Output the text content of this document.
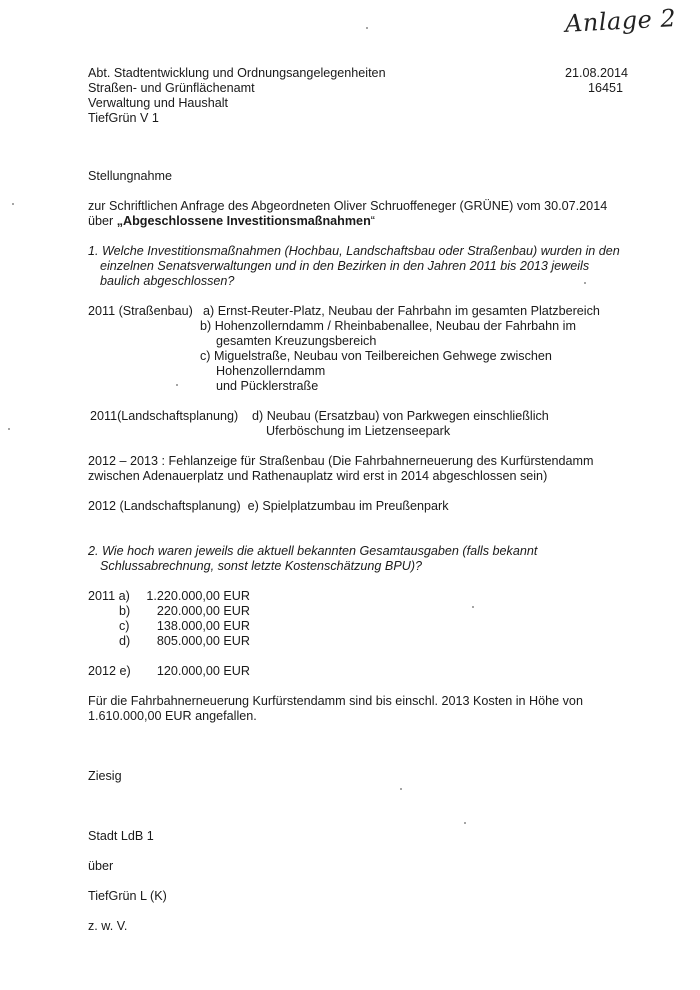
Anlage 2
Abt. Stadtentwicklung und Ordnungsangelegenheiten
Straßen- und Grünflächenamt
Verwaltung und Haushalt
TiefGrün V 1
21.08.2014
16451
Stellungnahme
zur Schriftlichen Anfrage des Abgeordneten Oliver Schruoffeneger (GRÜNE) vom 30.07.2014
über „Abgeschlossene Investitionsmaßnahmen“
1. Welche Investitionsmaßnahmen (Hochbau, Landschaftsbau oder Straßenbau) wurden in den
einzelnen Senatsverwaltungen und in den Bezirken in den Jahren 2011 bis 2013 jeweils
baulich abgeschlossen?
2011 (Straßenbau) a) Ernst-Reuter-Platz, Neubau der Fahrbahn im gesamten Platzbereich
b) Hohenzollerndamm / Rheinbabenallee, Neubau der Fahrbahn im
gesamten Kreuzungsbereich
c) Miguelstraße, Neubau von Teilbereichen Gehwege zwischen
Hohenzollerndamm
und Pücklerstraße
2011(Landschaftsplanung) d) Neubau (Ersatzbau) von Parkwegen einschließlich
Uferböschung im Lietzenseepark
2012 – 2013 : Fehlanzeige für Straßenbau (Die Fahrbahnerneuerung des Kurfürstendamm
zwischen Adenauerplatz und Rathenauplatz wird erst in 2014 abgeschlossen sein)
2012 (Landschaftsplanung)  e) Spielplatzumbau im Preußenpark
2. Wie hoch waren jeweils die aktuell bekannten Gesamtausgaben (falls bekannt
Schlussabrechnung, sonst letzte Kostenschätzung BPU)?
2011 a) 1.220.000,00 EUR
b) 220.000,00 EUR
c) 138.000,00 EUR
d) 805.000,00 EUR
2012 e) 120.000,00 EUR
Für die Fahrbahnerneuerung Kurfürstendamm sind bis einschl. 2013 Kosten in Höhe von
1.610.000,00 EUR angefallen.
Ziesig
Stadt LdB 1
über
TiefGrün L (K)
z. w. V.
